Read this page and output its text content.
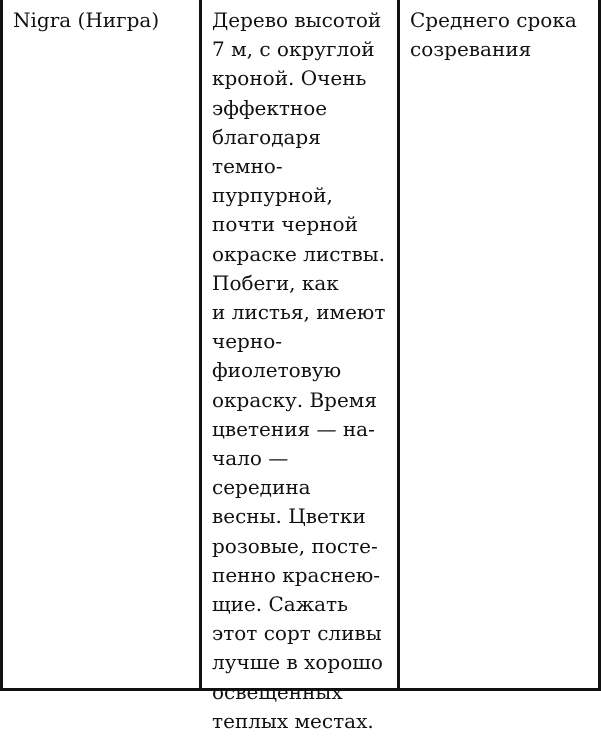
Nigra (Нигра)	Дерево высотой
7 м, с округлой
кроной. Очень
эффектное
благодаря
темно-
пурпурной,
почти черной
окраске листвы.
Побеги, как
и листья, имеют
черно-
фиолетовую
окраску. Время
цветения — на-
чало — середина
весны. Цветки
розовые, посте-
пенно краснею-
щие. Сажать
этот сорт сливы
лучше в хорошо
освещенных
теплых местах.
Среднего срока
созревания
